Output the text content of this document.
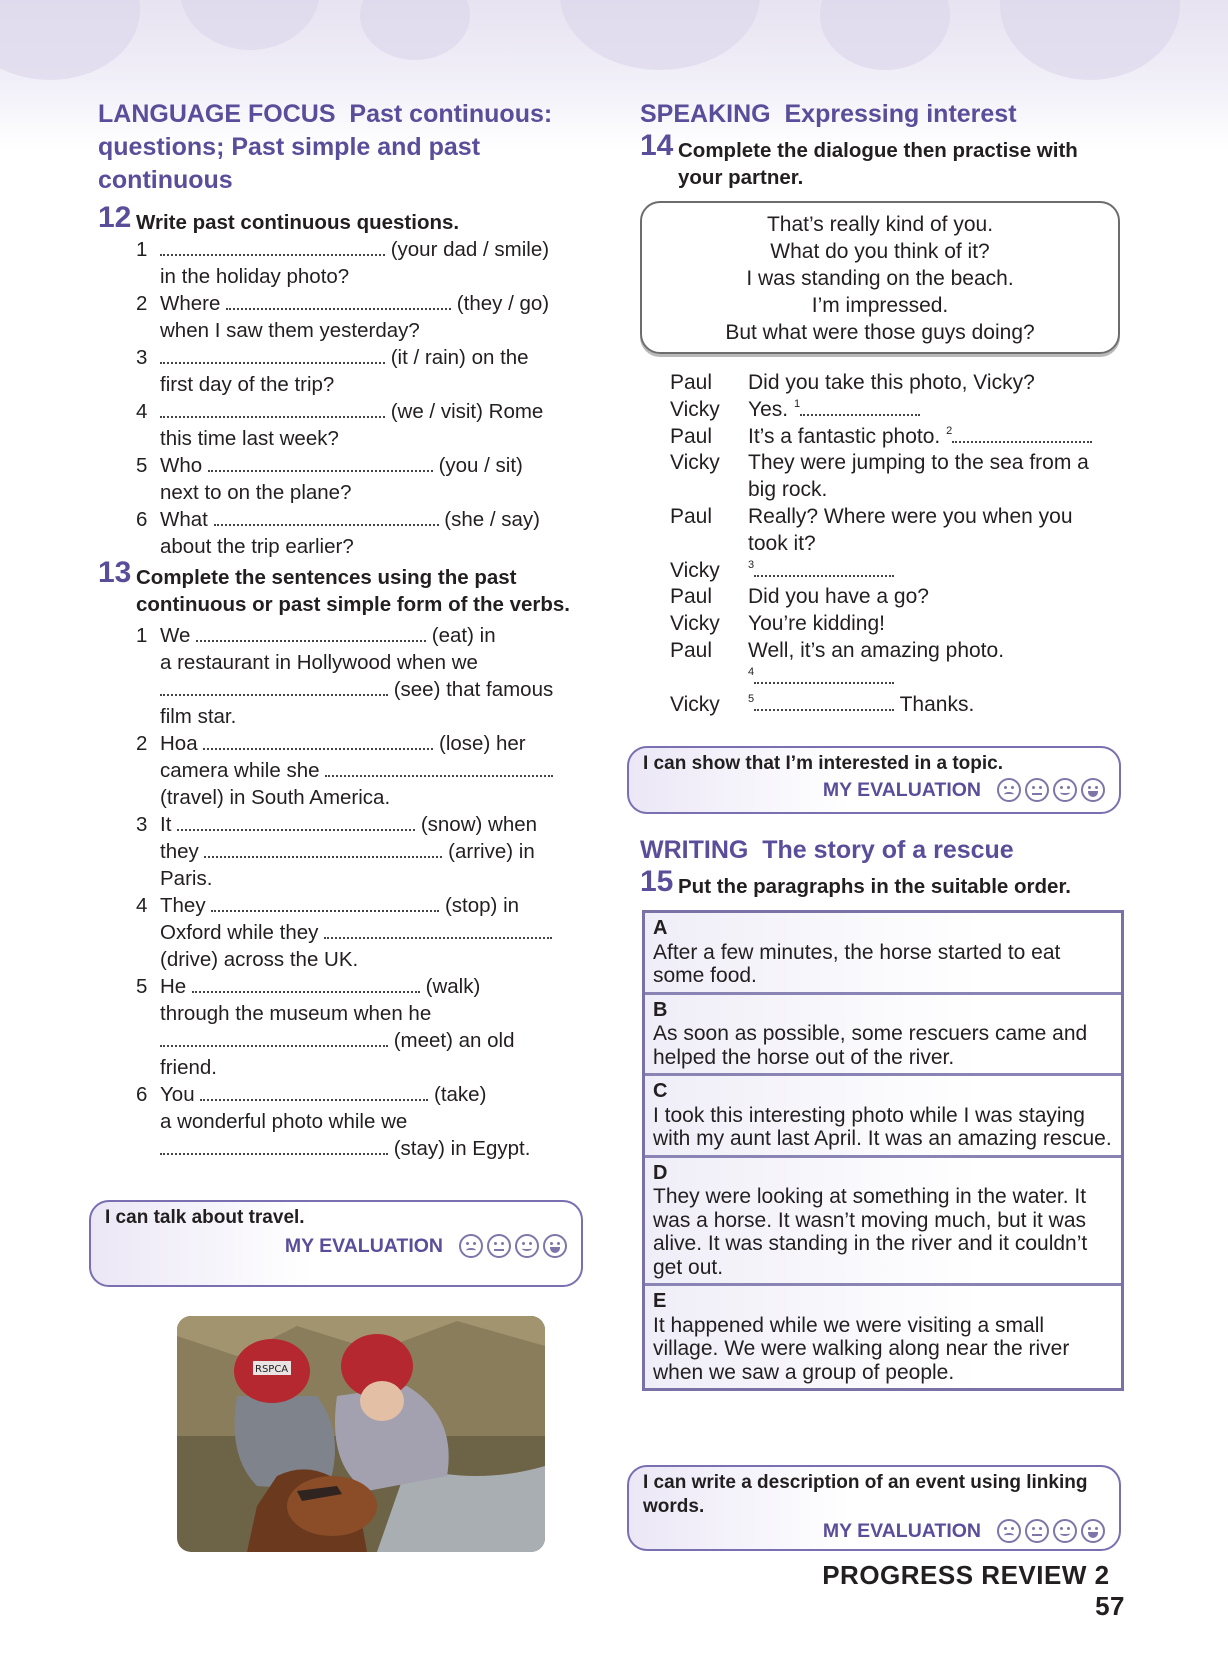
LANGUAGE FOCUS Past continuous:
questions; Past simple and past
continuous
12 Write past continuous questions.
1	(your dad / smile)
in the holiday photo?
2 Where	(they / go)
when I saw them yesterday?
3	(it / rain) on the
first day of the trip?
4	(we / visit) Rome
this time last week?
5 Who	(you / sit)
next to on the plane?
6 What	(she / say)
about the trip earlier?
13 Complete the sentences using the past
continuous or past simple form of the verbs.
1 We	(eat) in
a restaurant in Hollywood when we
(see) that famous
film star.
2 Hoa	(lose) her
camera while she
(travel) in South America.
3 It	(snow) when
they	(arrive) in
Paris.
4 They	(stop) in
Oxford while they
(drive) across the UK.
5 He	(walk)
through the museum when he
(meet) an old
friend.
6 You	(take)
a wonderful photo while we
(stay) in Egypt.
I can talk about travel.
MY EVALUATION
RSPCA
SPEAKING Expressing interest
14 Complete the dialogue then practise with
your partner.
That’s really kind of you.
What do you think of it?
I was standing on the beach.
I’m impressed.
But what were those guys doing?
Paul	Did you take this photo, Vicky?
Vicky	Yes. $^1$
Paul	It’s a fantastic photo. $^2$
Vicky	They were jumping to the sea from a
big rock.
Paul	Really? Where were you when you
took it?
Vicky	$^3$
Paul	Did you have a go?
Vicky	You’re kidding!
Paul	Well, it’s an amazing photo.
$^4$
Vicky	$^5$	Thanks.
I can show that I’m interested in a topic.
MY EVALUATION
WRITING The story of a rescue
15 Put the paragraphs in the suitable order.
A
After a few minutes, the horse started to eat some food.
B
As soon as possible, some rescuers came and helped the horse out of the river.
C
I took this interesting photo while I was staying with my aunt last April. It was an amazing rescue.
D
They were looking at something in the water. It was a horse. It wasn’t moving much, but it was alive. It was standing in the river and it couldn’t get out.
E
It happened while we were visiting a small village. We were walking along near the river when we saw a group of people.
I can write a description of an event using linking words.
MY EVALUATION
PROGRESS REVIEW 2   57
